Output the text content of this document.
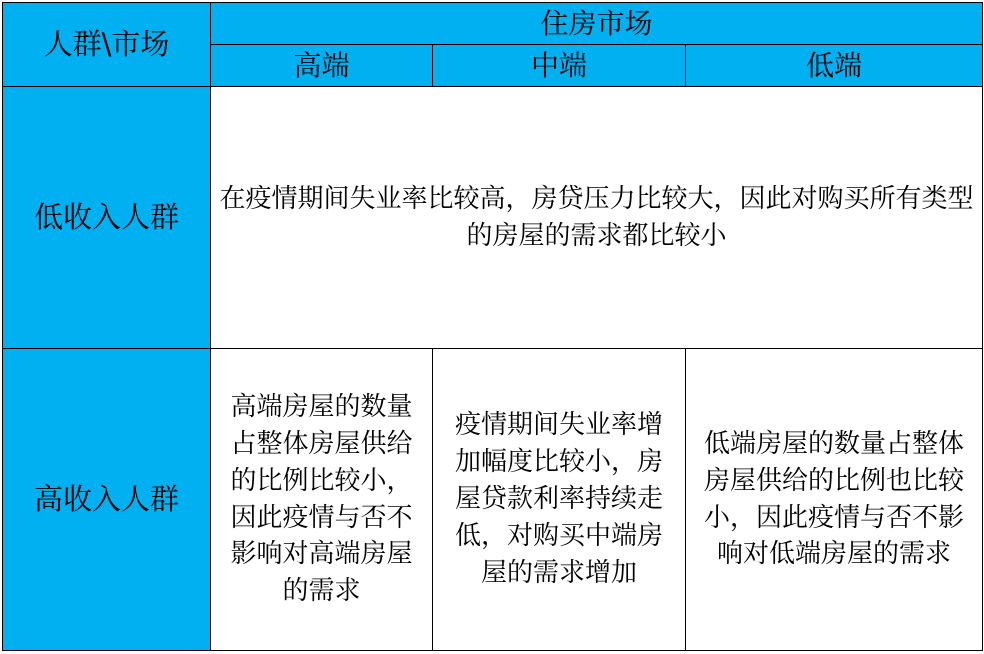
人群\市场
住房市场
高端	中端	低端
低收入人群
在疫情期间失业率比较高，房贷压力比较大，因此对购买所有类型的房屋的需求都比较小
高收入人群
高端房屋的数量占整体房屋供给的比例比较小，因此疫情与否不影响对高端房屋的需求
疫情期间失业率增加幅度比较小，房屋贷款利率持续走低，对购买中端房屋的需求增加
低端房屋的数量占整体房屋供给的比例也比较小，因此疫情与否不影响对低端房屋的需求
